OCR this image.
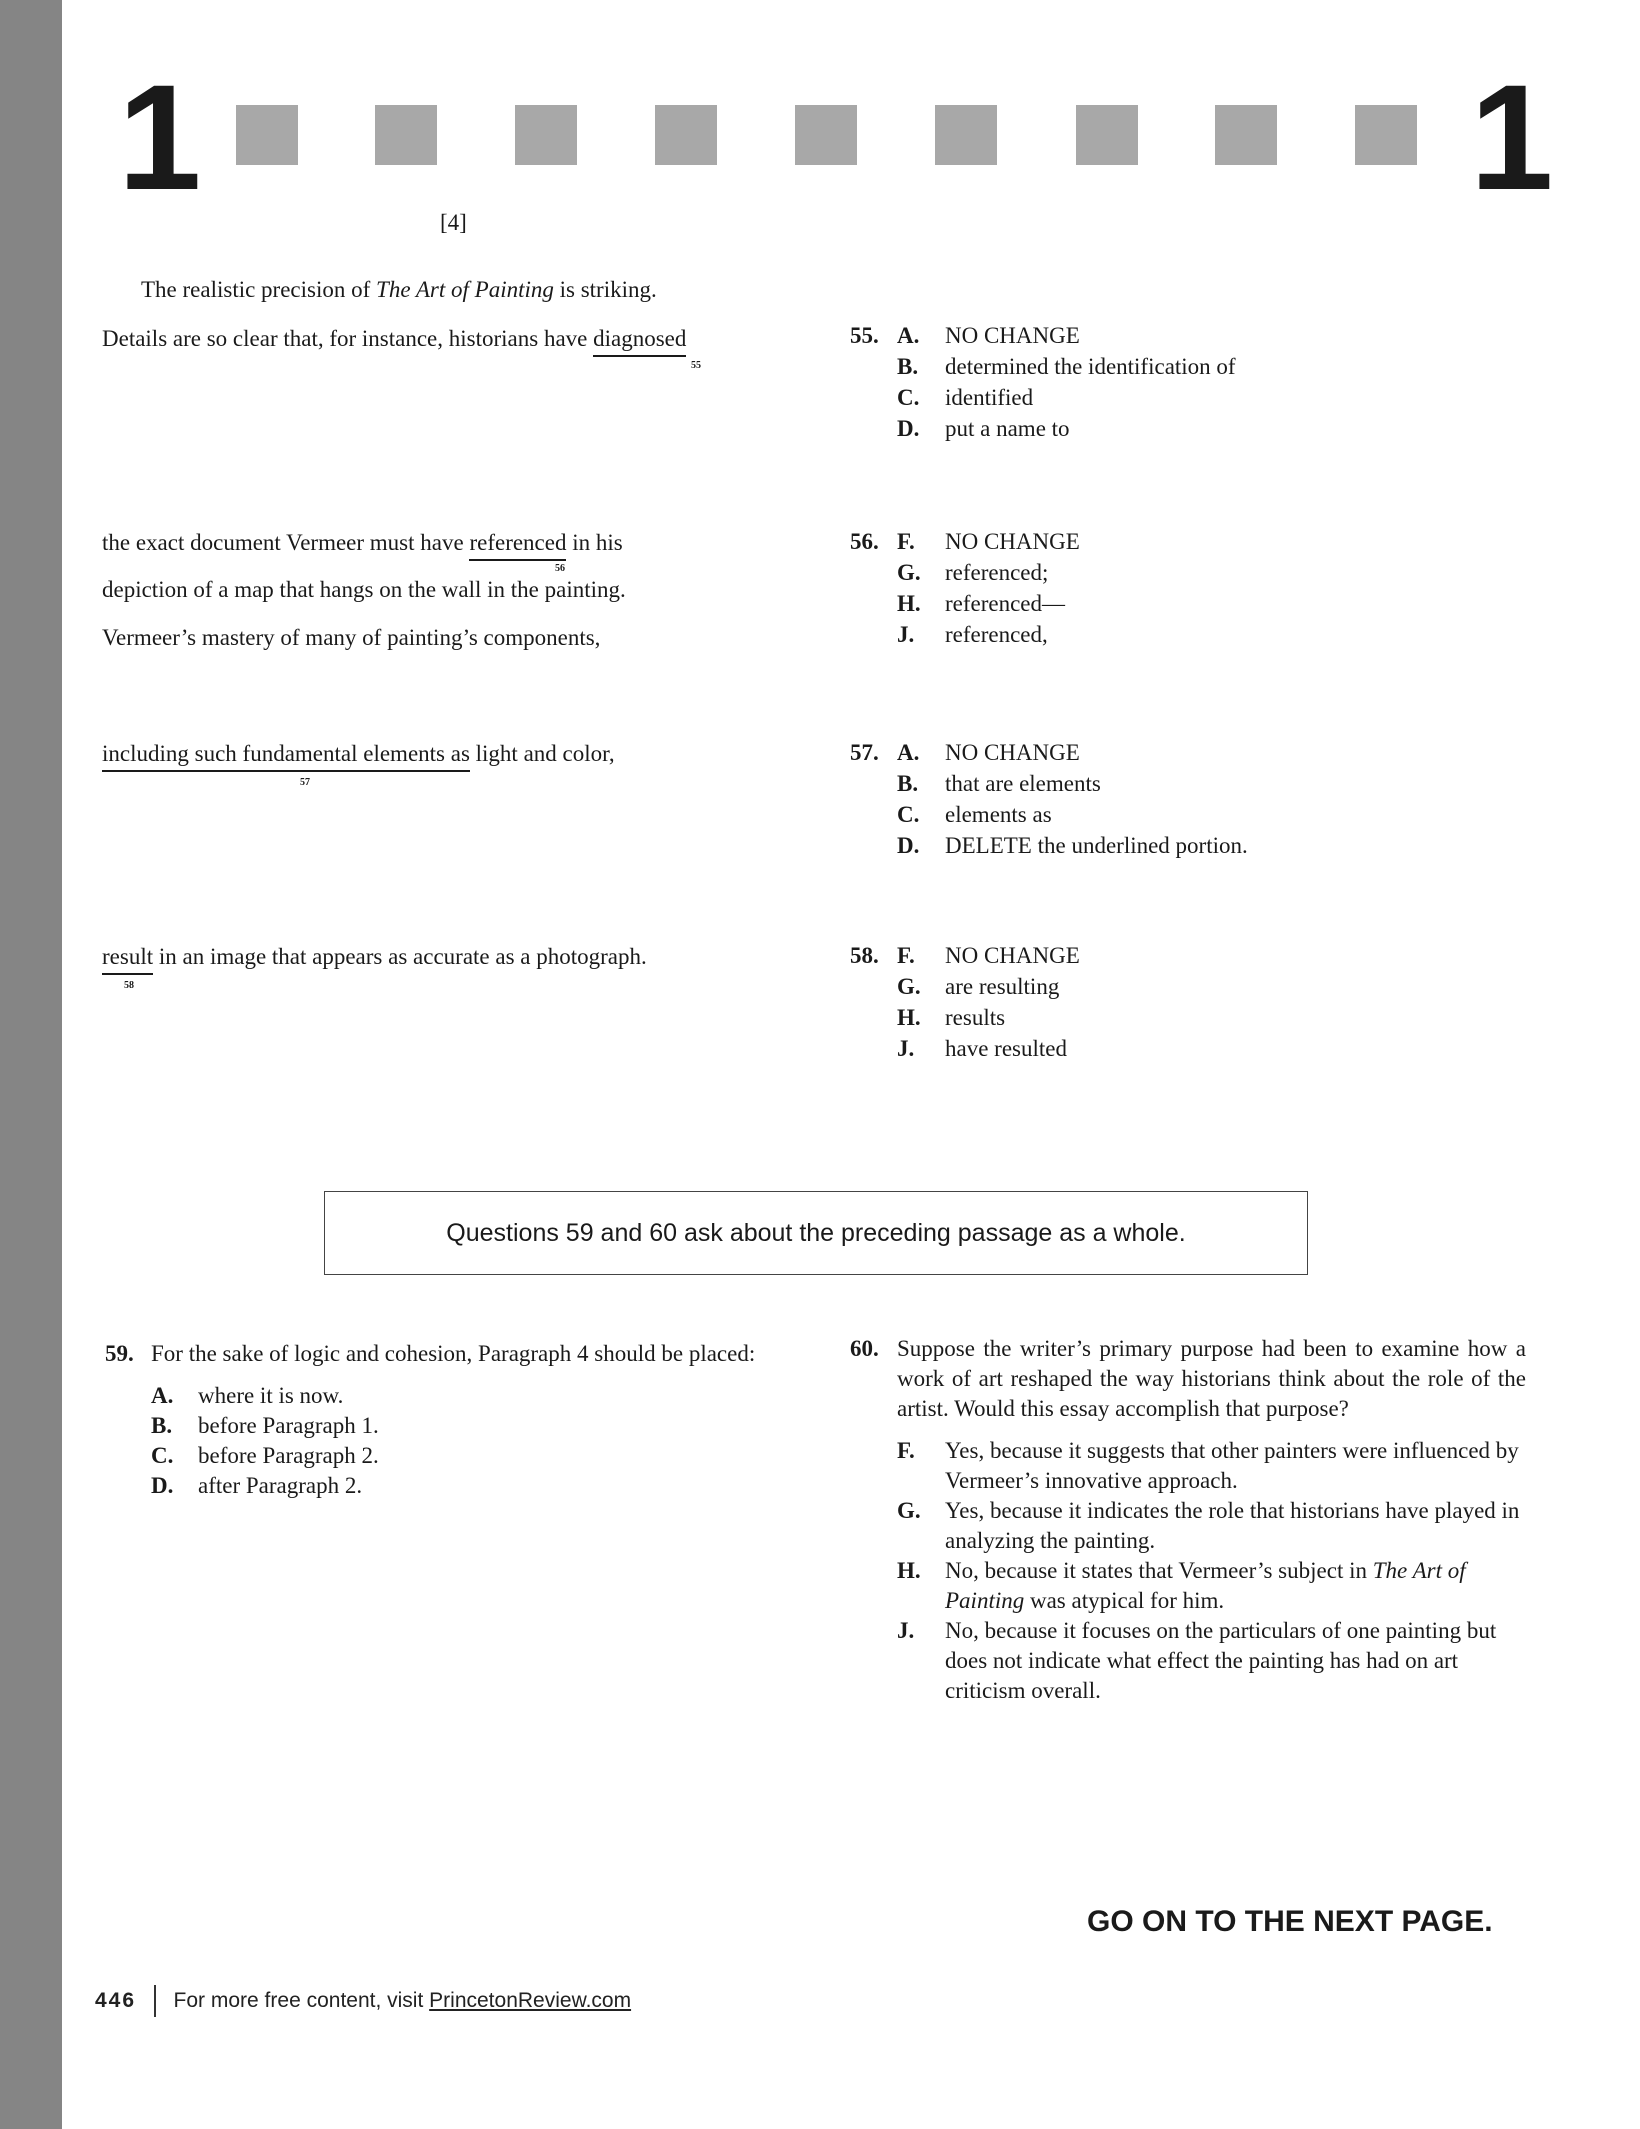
1	1
[4]
The realistic precision of The Art of Painting is striking.
Details are so clear that, for instance, historians have diagnosed
55
the exact document Vermeer must have referenced in his
56
depiction of a map that hangs on the wall in the painting.
Vermeer’s mastery of many of painting’s components,
including such fundamental elements as light and color,
57
result in an image that appears as accurate as a photograph.
58
55. A.	NO CHANGE
B.	determined the identification of
C.	identified
D.	put a name to
56. F.	NO CHANGE
G.	referenced;
H.	referenced—
J.	referenced,
57. A.	NO CHANGE
B.	that are elements
C.	elements as
D.	DELETE the underlined portion.
58. F.	NO CHANGE
G.	are resulting
H.	results
J.	have resulted
Questions 59 and 60 ask about the preceding passage as a whole.
59. For the sake of logic and cohesion, Paragraph 4 should be placed:
A.	where it is now.
B.	before Paragraph 1.
C.	before Paragraph 2.
D.	after Paragraph 2.
60. Suppose the writer’s primary purpose had been to examine how a work of art reshaped the way historians think about the role of the artist. Would this essay accomplish that purpose?
F.	Yes, because it suggests that other painters were influenced by Vermeer’s innovative approach.
G.	Yes, because it indicates the role that historians have played in analyzing the painting.
H.	No, because it states that Vermeer’s subject in The Art of Painting was atypical for him.
J.	No, because it focuses on the particulars of one painting but does not indicate what effect the painting has had on art criticism overall.
GO ON TO THE NEXT PAGE.
446 For more free content, visit
PrincetonReview.com
